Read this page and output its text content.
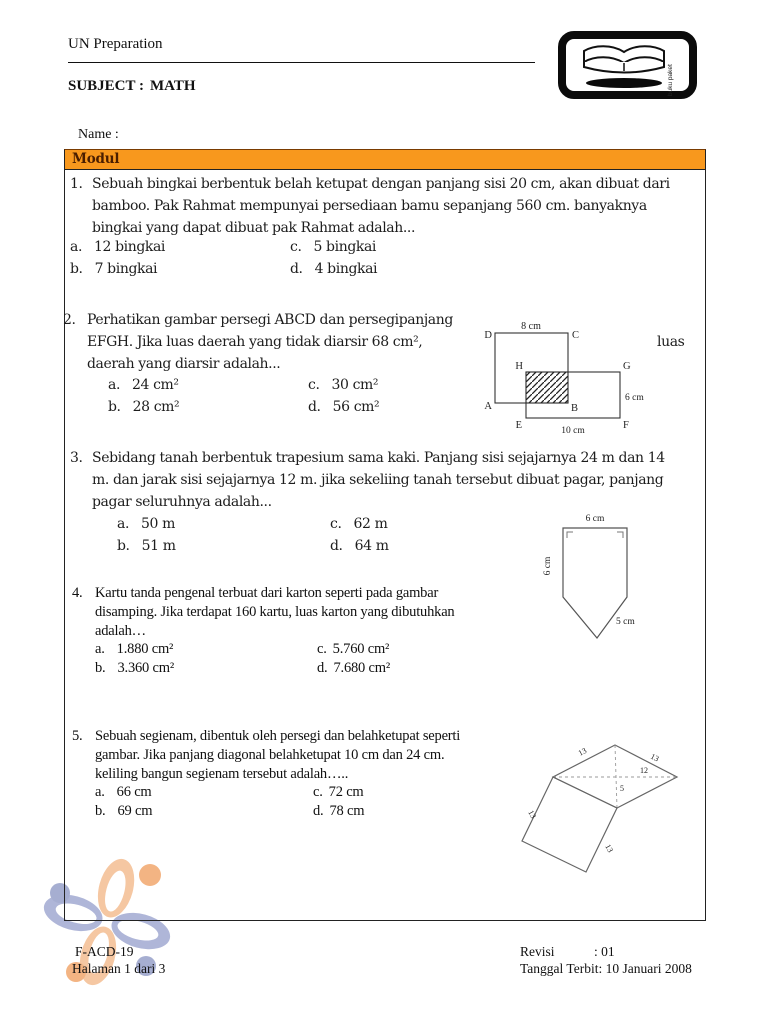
UN Preparation
SUBJECT : MATH	buku paket
Name :
Modul
1. Sebuah bingkai berbentuk belah ketupat dengan panjang sisi 20 cm, akan dibuat dari
bamboo. Pak Rahmat mempunyai persediaan bamu sepanjang 560 cm. banyaknya
bingkai yang dapat dibuat pak Rahmat adalah...
a. 12 bingkai	c. 5 bingkai
b. 7 bingkai	d. 4 bingkai
2. Perhatikan gambar persegi ABCD dan persegipanjang
EFGH. Jika luas daerah yang tidak diarsir 68 cm²,	luas
daerah yang diarsir adalah...
a. 24 cm²	c. 30 cm²
b. 28 cm²	d. 56 cm²
8 cm
D	C
A	B
H	G
E	F
6 cm
10 cm
3. Sebidang tanah berbentuk trapesium sama kaki. Panjang sisi sejajarnya 24 m dan 14
m. dan jarak sisi sejajarnya 12 m. jika sekeliing tanah tersebut dibuat pagar, panjang
pagar seluruhnya adalah...
a. 50 m	c. 62 m
b. 51 m	d. 64 m
6 cm
6 cm
5 cm
4. Kartu tanda pengenal terbuat dari karton seperti pada gambar
disamping. Jika terdapat 160 kartu, luas karton yang dibutuhkan
adalah…
a. 1.880 cm²	c. 5.760 cm²
b. 3.360 cm²	d. 7.680 cm²
5. Sebuah segienam, dibentuk oleh persegi dan belahketupat seperti
gambar. Jika panjang diagonal belahketupat 10 cm dan 24 cm.
keliling bangun segienam tersebut adalah…..
a. 66 cm	c. 72 cm
b. 69 cm	d. 78 cm
13	13
12
5
13
13
F-ACD-19
Halaman 1 dari 3
Revisi	: 01
Tanggal Terbit: 10 Januari 2008
